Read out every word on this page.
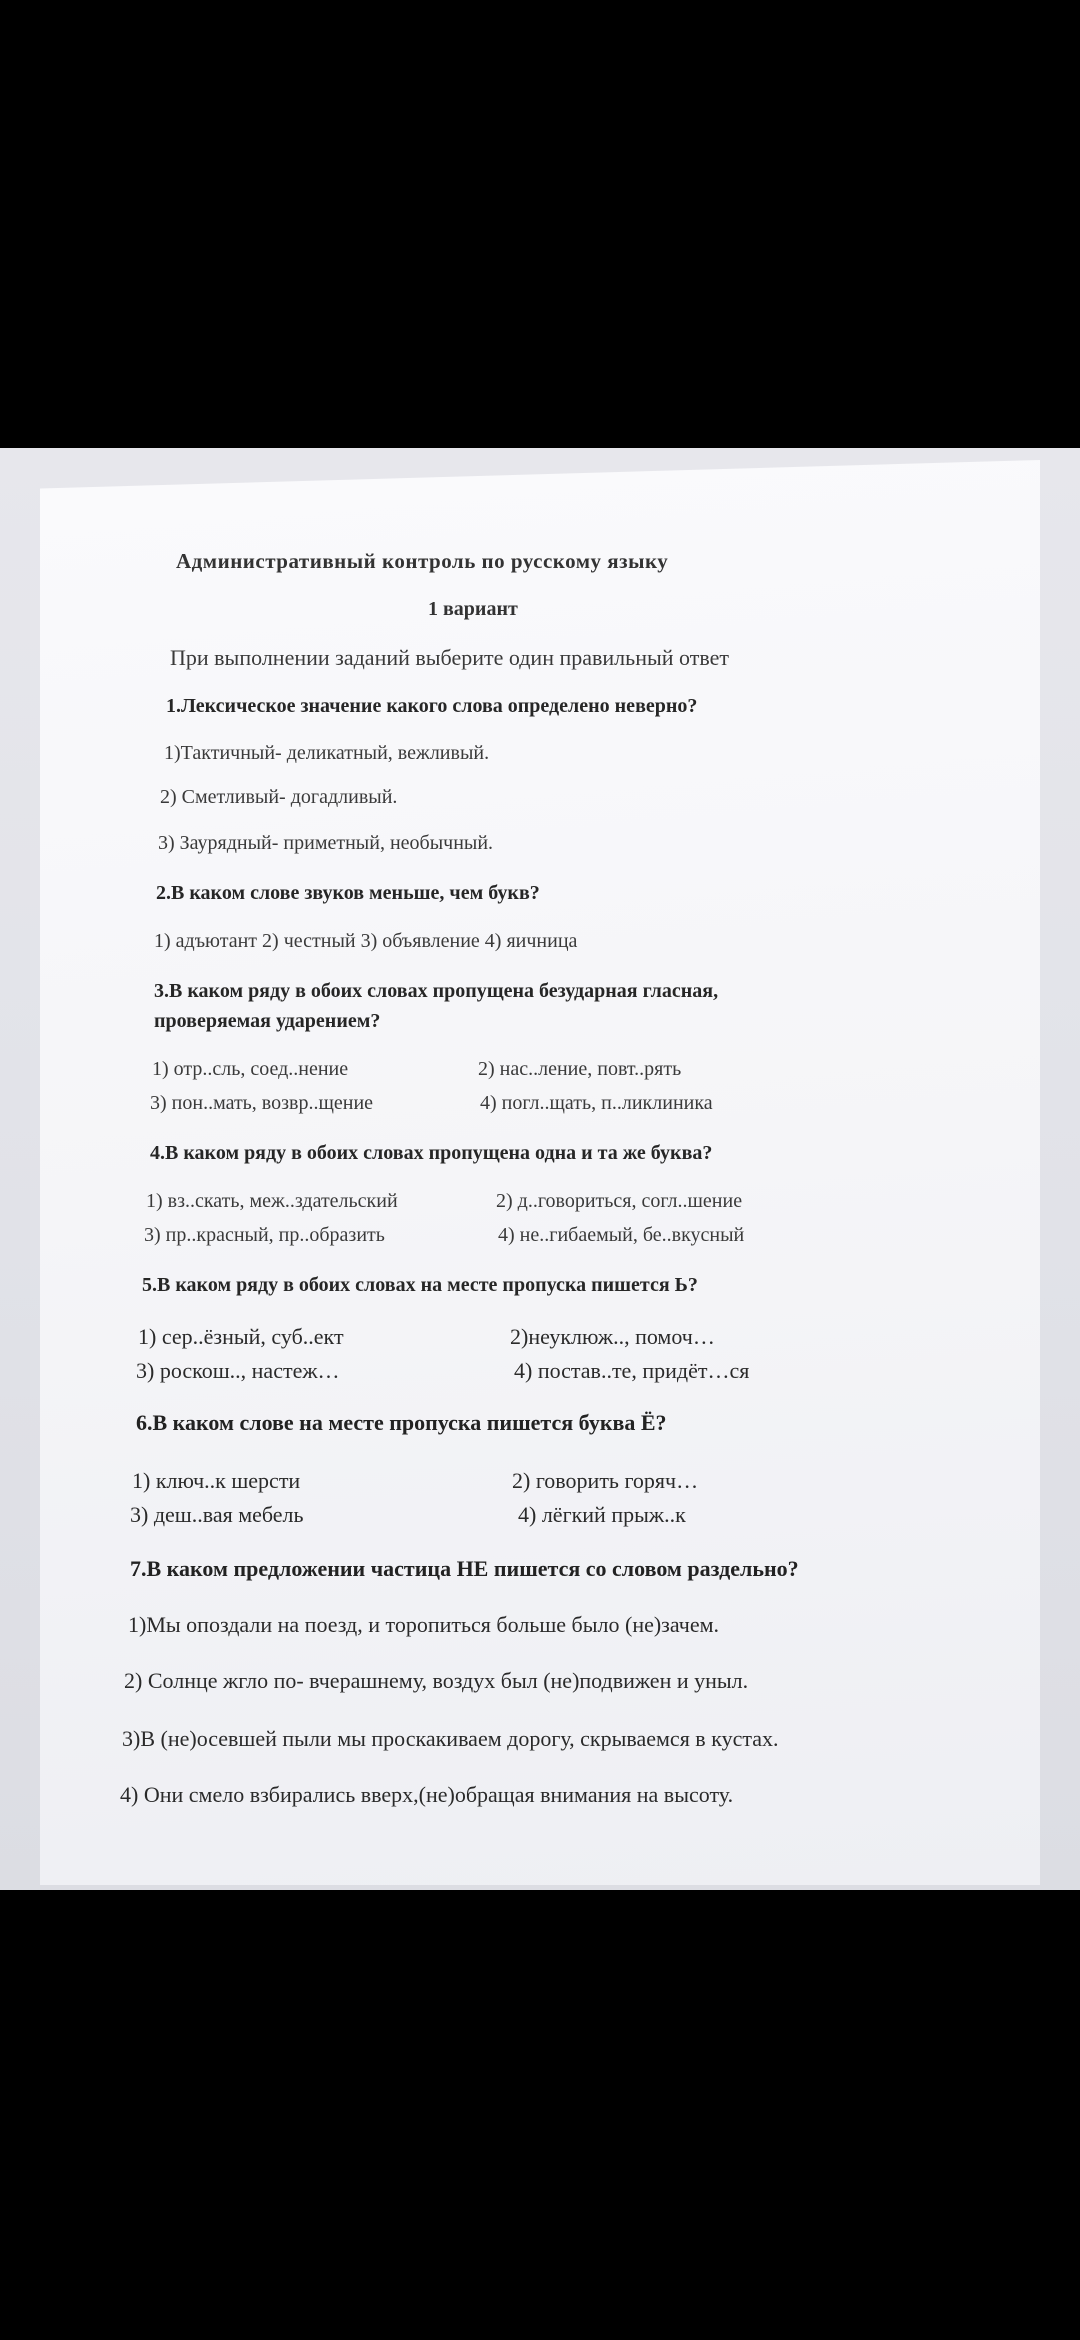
Административный контроль по русскому языку
1 вариант
При выполнении заданий выберите один правильный ответ
1.Лексическое значение какого слова определено неверно?
1)Тактичный- деликатный, вежливый.
2) Сметливый- догадливый.
3) Заурядный- приметный, необычный.
2.В каком слове звуков меньше, чем букв?
1) адъютант 2) честный 3) объявление 4) яичница
3.В каком ряду в обоих словах пропущена безударная гласная,
проверяемая ударением?
1) отр..сль, соед..нение	2) нас..ление, повт..рять
3) пон..мать, возвр..щение	4) погл..щать, п..ликлиника
4.В каком ряду в обоих словах пропущена одна и та же буква?
1) вз..скать, меж..здательский	2) д..говориться, согл..шение
3) пр..красный, пр..образить	4) не..гибаемый, бе..вкусный
5.В каком ряду в обоих словах на месте пропуска пишется Ь?
1) сер..ёзный, суб..ект	2)неуклюж.., помоч…
3) роскош.., настеж…	4) постав..те, придёт…ся
6.В каком слове на месте пропуска пишется буква Ё?
1) ключ..к шерсти	2) говорить горяч…
3) деш..вая мебель	4) лёгкий прыж..к
7.В каком предложении частица НЕ пишется со словом раздельно?
1)Мы опоздали на поезд, и торопиться больше было (не)зачем.
2) Солнце жгло по- вчерашнему, воздух был (не)подвижен и уныл.
3)В (не)осевшей пыли мы проскакиваем дорогу, скрываемся в кустах.
4) Они смело взбирались вверх,(не)обращая внимания на высоту.
